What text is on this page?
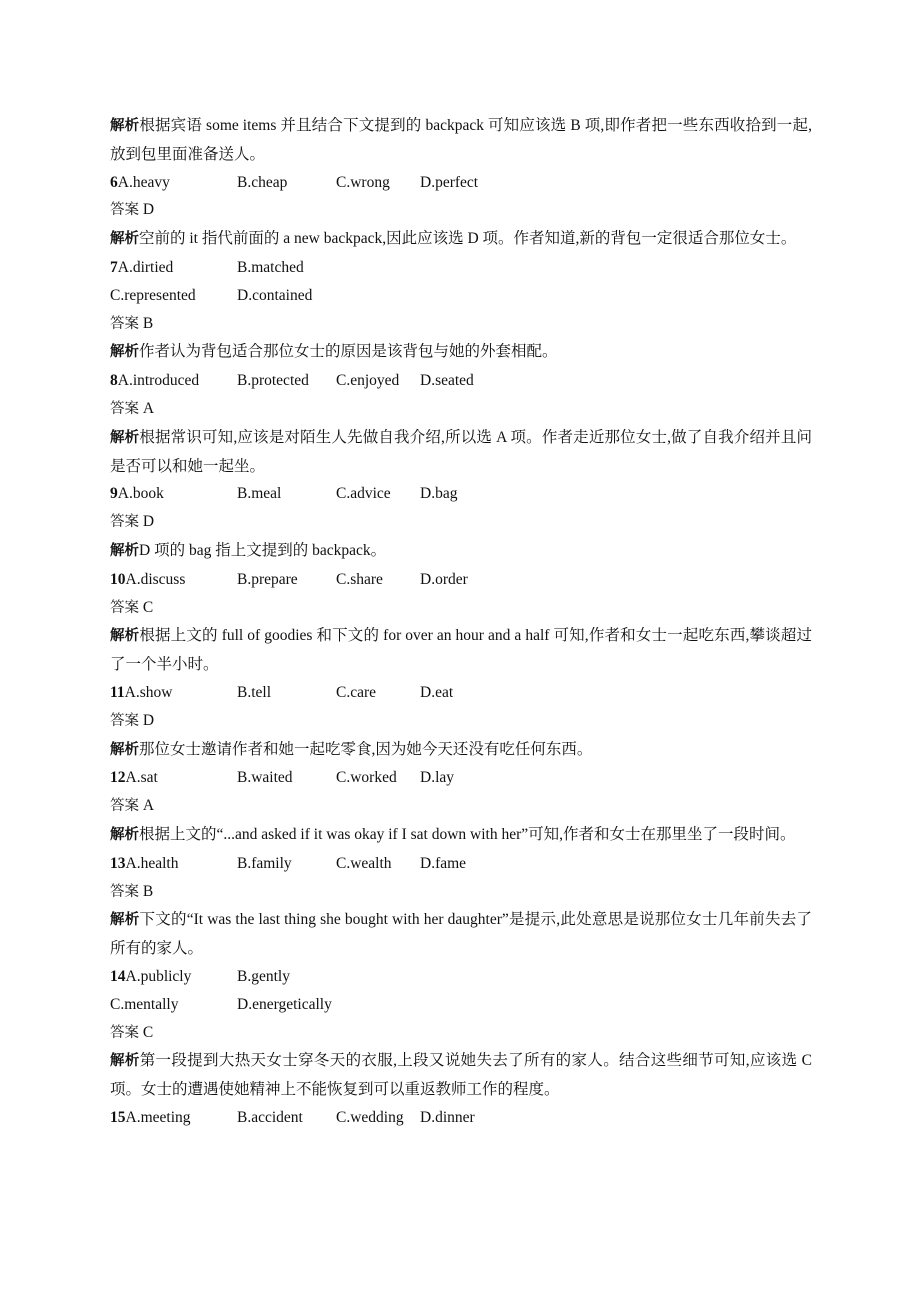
解析根据宾语 some items 并且结合下文提到的 backpack 可知应该选 B 项,即作者把一些东西收拾到一起,放到包里面准备送人。
6A.heavy	B.cheap	C.wrong	D.perfect
答案 D
解析空前的 it 指代前面的 a new backpack,因此应该选 D 项。作者知道,新的背包一定很适合那位女士。
7A.dirtied	B.matched
C.represented	D.contained
答案 B
解析作者认为背包适合那位女士的原因是该背包与她的外套相配。
8A.introduced	B.protected	C.enjoyed	D.seated
答案 A
解析根据常识可知,应该是对陌生人先做自我介绍,所以选 A 项。作者走近那位女士,做了自我介绍并且问是否可以和她一起坐。
9A.book	B.meal	C.advice	D.bag
答案 D
解析D 项的 bag 指上文提到的 backpack。
10A.discuss	B.prepare	C.share	D.order
答案 C
解析根据上文的 full of goodies 和下文的 for over an hour and a half 可知,作者和女士一起吃东西,攀谈超过了一个半小时。
11A.show	B.tell	C.care	D.eat
答案 D
解析那位女士邀请作者和她一起吃零食,因为她今天还没有吃任何东西。
12A.sat	B.waited	C.worked	D.lay
答案 A
解析根据上文的“...and asked if it was okay if I sat down with her”可知,作者和女士在那里坐了一段时间。
13A.health	B.family	C.wealth	D.fame
答案 B
解析下文的“It was the last thing she bought with her daughter”是提示,此处意思是说那位女士几年前失去了所有的家人。
14A.publicly	B.gently
C.mentally	D.energetically
答案 C
解析第一段提到大热天女士穿冬天的衣服,上段又说她失去了所有的家人。结合这些细节可知,应该选 C 项。女士的遭遇使她精神上不能恢复到可以重返教师工作的程度。
15A.meeting	B.accident	C.wedding	D.dinner
